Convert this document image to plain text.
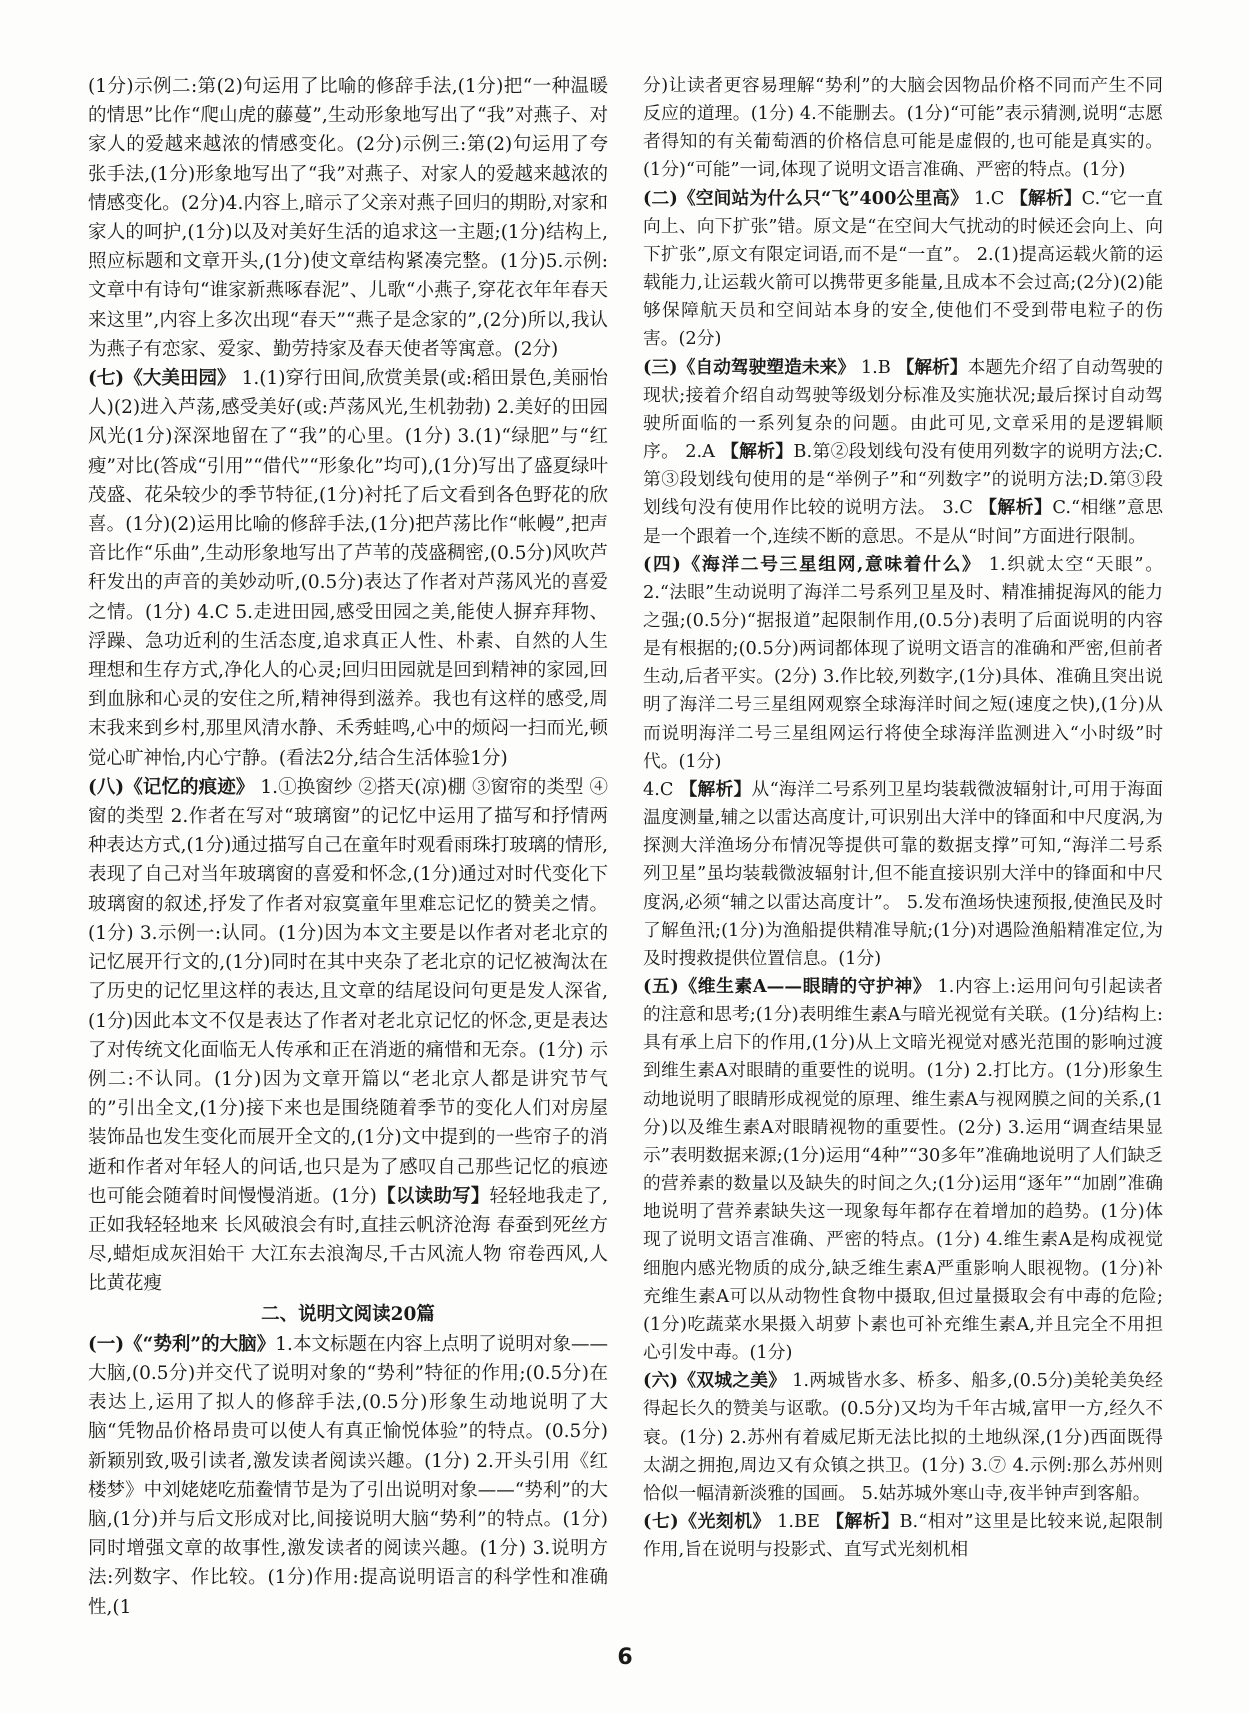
(1分)示例二:第(2)句运用了比喻的修辞手法,(1分)把“一种温暖的情思”比作“爬山虎的藤蔓”,生动形象地写出了“我”对燕子、对家人的爱越来越浓的情感变化。(2分)示例三:第(2)句运用了夸张手法,(1分)形象地写出了“我”对燕子、对家人的爱越来越浓的情感变化。(2分)4.内容上,暗示了父亲对燕子回归的期盼,对家和家人的呵护,(1分)以及对美好生活的追求这一主题;(1分)结构上,照应标题和文章开头,(1分)使文章结构紧凑完整。(1分)5.示例:文章中有诗句“谁家新燕啄春泥”、儿歌“小燕子,穿花衣年年春天来这里”,内容上多次出现“春天”“燕子是念家的”,(2分)所以,我认为燕子有恋家、爱家、勤劳持家及春天使者等寓意。(2分)

(七)《大美田园》 1.(1)穿行田间,欣赏美景(或:稻田景色,美丽怡人)(2)进入芦荡,感受美好(或:芦荡风光,生机勃勃) 2.美好的田园风光(1分)深深地留在了“我”的心里。(1分) 3.(1)“绿肥”与“红瘦”对比(答成“引用”“借代”“形象化”均可),(1分)写出了盛夏绿叶茂盛、花朵较少的季节特征,(1分)衬托了后文看到各色野花的欣喜。(1分)(2)运用比喻的修辞手法,(1分)把芦荡比作“帐幔”,把声音比作“乐曲”,生动形象地写出了芦苇的茂盛稠密,(0.5分)风吹芦秆发出的声音的美妙动听,(0.5分)表达了作者对芦荡风光的喜爱之情。(1分) 4.C 5.走进田园,感受田园之美,能使人摒弃拜物、浮躁、急功近利的生活态度,追求真正人性、朴素、自然的人生理想和生存方式,净化人的心灵;回归田园就是回到精神的家园,回到血脉和心灵的安住之所,精神得到滋养。我也有这样的感受,周末我来到乡村,那里风清水静、禾秀蛙鸣,心中的烦闷一扫而光,顿觉心旷神怡,内心宁静。(看法2分,结合生活体验1分)

(八)《记忆的痕迹》 1.①换窗纱 ②搭天(凉)棚 ③窗帘的类型 ④窗的类型 2.作者在写对“玻璃窗”的记忆中运用了描写和抒情两种表达方式,(1分)通过描写自己在童年时观看雨珠打玻璃的情形,表现了自己对当年玻璃窗的喜爱和怀念,(1分)通过对时代变化下玻璃窗的叙述,抒发了作者对寂寞童年里难忘记忆的赞美之情。(1分) 3.示例一:认同。(1分)因为本文主要是以作者对老北京的记忆展开行文的,(1分)同时在其中夹杂了老北京的记忆被淘汰在了历史的记忆里这样的表达,且文章的结尾设问句更是发人深省,(1分)因此本文不仅是表达了作者对老北京记忆的怀念,更是表达了对传统文化面临无人传承和正在消逝的痛惜和无奈。(1分) 示例二:不认同。(1分)因为文章开篇以“老北京人都是讲究节气的”引出全文,(1分)接下来也是围绕随着季节的变化人们对房屋装饰品也发生变化而展开全文的,(1分)文中提到的一些帘子的消逝和作者对年轻人的问话,也只是为了感叹自己那些记忆的痕迹也可能会随着时间慢慢消逝。(1分)【以读助写】轻轻地我走了,正如我轻轻地来 长风破浪会有时,直挂云帆济沧海 春蚕到死丝方尽,蜡炬成灰泪始干 大江东去浪淘尽,千古风流人物 帘卷西风,人比黄花瘦

二、说明文阅读20篇

(一)《“势利”的大脑》1.本文标题在内容上点明了说明对象——大脑,(0.5分)并交代了说明对象的“势利”特征的作用;(0.5分)在表达上,运用了拟人的修辞手法,(0.5分)形象生动地说明了大脑“凭物品价格昂贵可以使人有真正愉悦体验”的特点。(0.5分)新颖别致,吸引读者,激发读者阅读兴趣。(1分) 2.开头引用《红楼梦》中刘姥姥吃茄鲞情节是为了引出说明对象——“势利”的大脑,(1分)并与后文形成对比,间接说明大脑“势利”的特点。(1分)同时增强文章的故事性,激发读者的阅读兴趣。(1分) 3.说明方法:列数字、作比较。(1分)作用:提高说明语言的科学性和准确性,(1

分)让读者更容易理解“势利”的大脑会因物品价格不同而产生不同反应的道理。(1分) 4.不能删去。(1分)“可能”表示猜测,说明“志愿者得知的有关葡萄酒的价格信息可能是虚假的,也可能是真实的。(1分)“可能”一词,体现了说明文语言准确、严密的特点。(1分)

(二)《空间站为什么只“飞”400公里高》 1.C 【解析】C.“它一直向上、向下扩张”错。原文是“在空间大气扰动的时候还会向上、向下扩张”,原文有限定词语,而不是“一直”。 2.(1)提高运载火箭的运载能力,让运载火箭可以携带更多能量,且成本不会过高;(2分)(2)能够保障航天员和空间站本身的安全,使他们不受到带电粒子的伤害。(2分)

(三)《自动驾驶塑造未来》 1.B 【解析】本题先介绍了自动驾驶的现状;接着介绍自动驾驶等级划分标准及实施状况;最后探讨自动驾驶所面临的一系列复杂的问题。由此可见,文章采用的是逻辑顺序。 2.A 【解析】B.第②段划线句没有使用列数字的说明方法;C.第③段划线句使用的是“举例子”和“列数字”的说明方法;D.第③段划线句没有使用作比较的说明方法。 3.C 【解析】C.“相继”意思是一个跟着一个,连续不断的意思。不是从“时间”方面进行限制。

(四)《海洋二号三星组网,意味着什么》 1.织就太空“天眼”。 2.“法眼”生动说明了海洋二号系列卫星及时、精准捕捉海风的能力之强;(0.5分)“据报道”起限制作用,(0.5分)表明了后面说明的内容是有根据的;(0.5分)两词都体现了说明文语言的准确和严密,但前者生动,后者平实。(2分) 3.作比较,列数字,(1分)具体、准确且突出说明了海洋二号三星组网观察全球海洋时间之短(速度之快),(1分)从而说明海洋二号三星组网运行将使全球海洋监测进入“小时级”时代。(1分)

4.C 【解析】从“海洋二号系列卫星均装载微波辐射计,可用于海面温度测量,辅之以雷达高度计,可识别出大洋中的锋面和中尺度涡,为探测大洋渔场分布情况等提供可靠的数据支撑”可知,“海洋二号系列卫星”虽均装载微波辐射计,但不能直接识别大洋中的锋面和中尺度涡,必须“辅之以雷达高度计”。 5.发布渔场快速预报,使渔民及时了解鱼汛;(1分)为渔船提供精准导航;(1分)对遇险渔船精准定位,为及时搜救提供位置信息。(1分)

(五)《维生素A——眼睛的守护神》 1.内容上:运用问句引起读者的注意和思考;(1分)表明维生素A与暗光视觉有关联。(1分)结构上:具有承上启下的作用,(1分)从上文暗光视觉对感光范围的影响过渡到维生素A对眼睛的重要性的说明。(1分) 2.打比方。(1分)形象生动地说明了眼睛形成视觉的原理、维生素A与视网膜之间的关系,(1分)以及维生素A对眼睛视物的重要性。(2分) 3.运用“调查结果显示”表明数据来源;(1分)运用“4种”“30多年”准确地说明了人们缺乏的营养素的数量以及缺失的时间之久;(1分)运用“逐年”“加剧”准确地说明了营养素缺失这一现象每年都存在着增加的趋势。(1分)体现了说明文语言准确、严密的特点。(1分) 4.维生素A是构成视觉细胞内感光物质的成分,缺乏维生素A严重影响人眼视物。(1分)补充维生素A可以从动物性食物中摄取,但过量摄取会有中毒的危险;(1分)吃蔬菜水果摄入胡萝卜素也可补充维生素A,并且完全不用担心引发中毒。(1分)

(六)《双城之美》 1.两城皆水多、桥多、船多,(0.5分)美轮美奂经得起长久的赞美与讴歌。(0.5分)又均为千年古城,富甲一方,经久不衰。(1分) 2.苏州有着威尼斯无法比拟的土地纵深,(1分)西面既得太湖之拥抱,周边又有众镇之拱卫。(1分) 3.⑦ 4.示例:那么苏州则恰似一幅清新淡雅的国画。 5.姑苏城外寒山寺,夜半钟声到客船。

(七)《光刻机》 1.BE 【解析】B.“相对”这里是比较来说,起限制作用,旨在说明与投影式、直写式光刻机相

6
